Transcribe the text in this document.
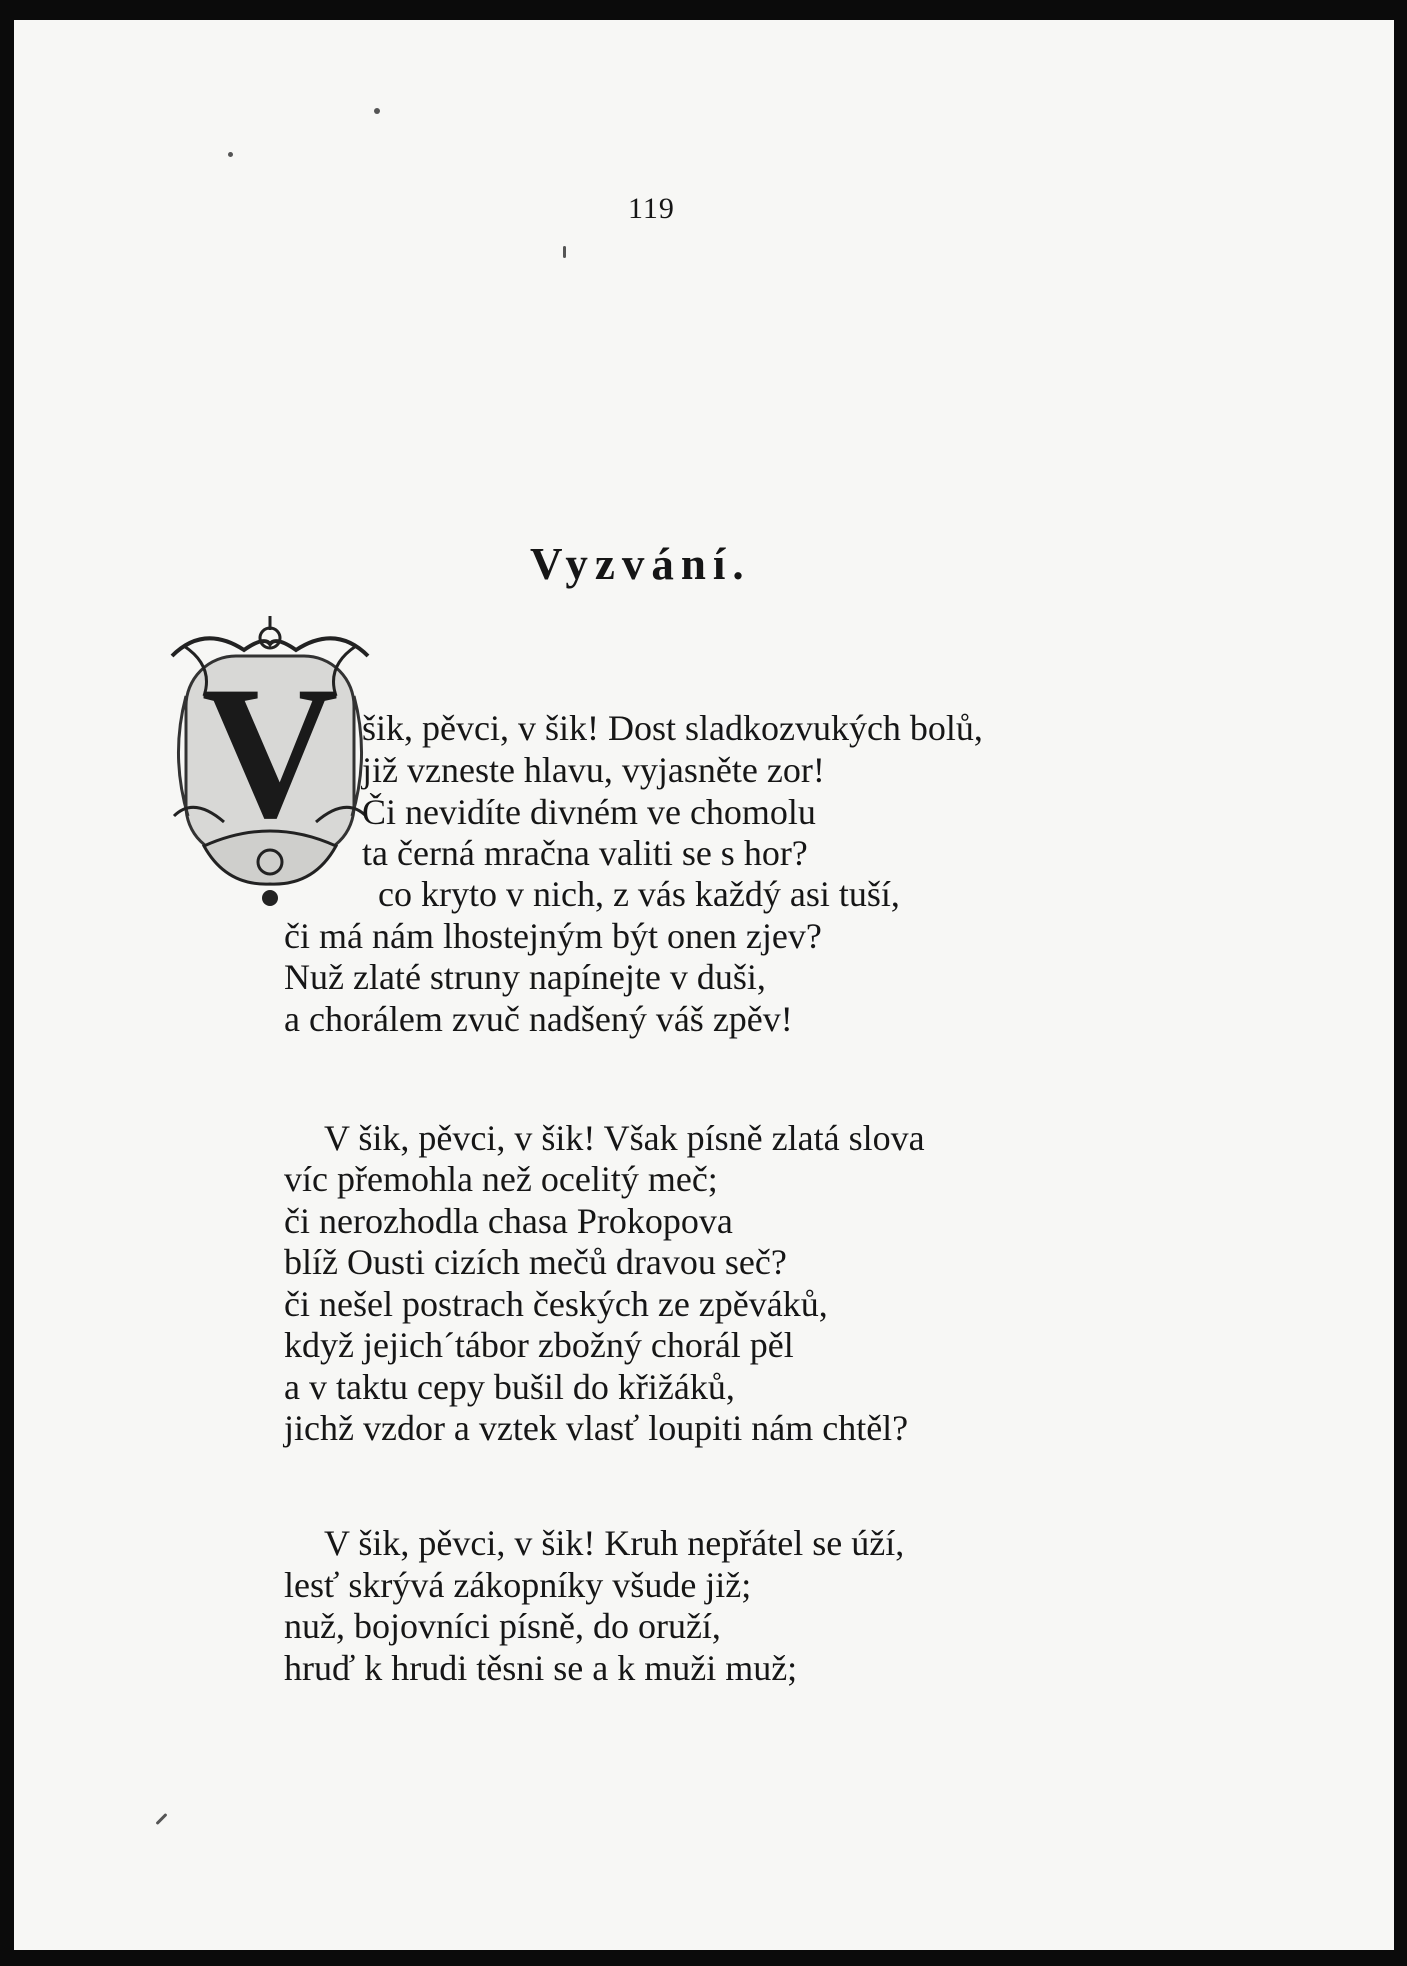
119
Vyzvání.
V šik, pěvci, v šik! Dost sladkozvukých bolů,
již vzneste hlavu, vyjasněte zor!
Či nevidíte divném ve chomolu
ta černá mračna valiti se s hor?
co kryto v nich, z vás každý asi tuší,
či má nám lhostejným být onen zjev?
Nuž zlaté struny napínejte v duši,
a chorálem zvuč nadšený váš zpěv!
V šik, pěvci, v šik! Však písně zlatá slova
víc přemohla než ocelitý meč;
či nerozhodla chasa Prokopova
blíž Ousti cizích mečů dravou seč?
či nešel postrach českých ze zpěváků,
když jejich´tábor zbožný chorál pěl
a v taktu cepy bušil do křižáků,
jichž vzdor a vztek vlasť loupiti nám chtěl?
V šik, pěvci, v šik! Kruh nepřátel se úží,
lesť skrývá zákopníky všude již;
nuž, bojovníci písně, do oruží,
hruď k hrudi těsni se a k muži muž;
